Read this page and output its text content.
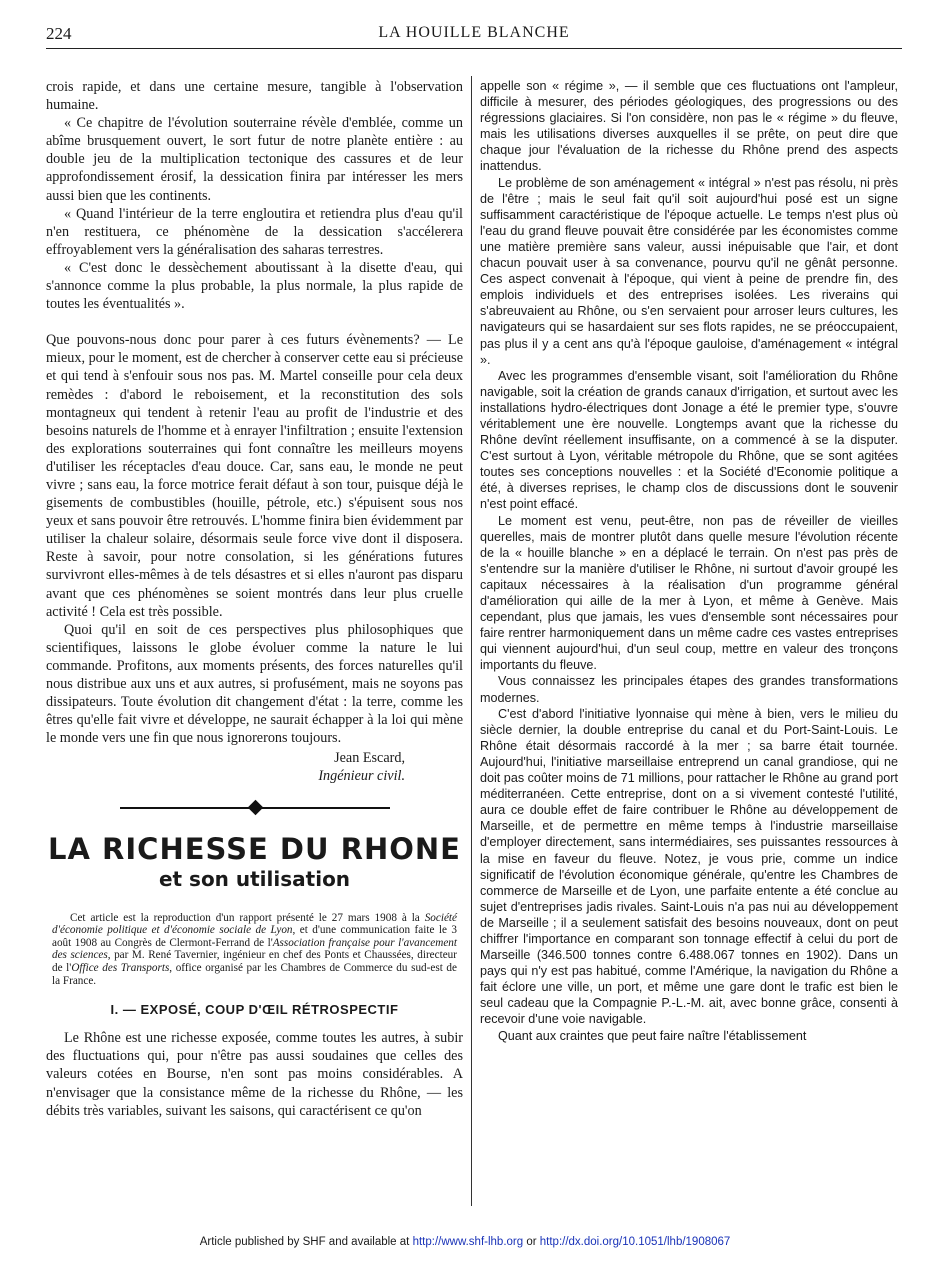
224	LA HOUILLE BLANCHE

crois rapide, et dans une certaine mesure, tangible à l'observation humaine.

« Ce chapitre de l'évolution souterraine révèle d'emblée, comme un abîme brusquement ouvert, le sort futur de notre planète entière : au double jeu de la multiplication tectonique des cassures et de leur approfondissement érosif, la dessication finira par intéresser les mers aussi bien que les continents.

« Quand l'intérieur de la terre engloutira et retiendra plus d'eau qu'il n'en restituera, ce phénomène de la dessication s'accélerera effroyablement vers la généralisation des saharas terrestres.

« C'est donc le dessèchement aboutissant à la disette d'eau, qui s'annonce comme la plus probable, la plus normale, la plus rapide de toutes les éventualités ».

Que pouvons-nous donc pour parer à ces futurs évènements? — Le mieux, pour le moment, est de chercher à conserver cette eau si précieuse et qui tend à s'enfouir sous nos pas. M. Martel conseille pour cela deux remèdes : d'abord le reboisement, et la reconstitution des sols montagneux qui tendent à retenir l'eau au profit de l'industrie et des besoins naturels de l'homme et à enrayer l'infiltration ; ensuite l'extension des explorations souterraines qui font connaître les meilleurs moyens d'utiliser les réceptacles d'eau douce. Car, sans eau, le monde ne peut vivre ; sans eau, la force motrice ferait défaut à son tour, puisque déjà le gisements de combustibles (houille, pétrole, etc.) s'épuisent sous nos yeux et sans pouvoir être retrouvés. L'homme finira bien évidemment par utiliser la chaleur solaire, désormais seule force vive dont il disposera. Reste à savoir, pour notre consolation, si les générations futures survivront elles-mêmes à de tels désastres et si elles n'auront pas disparu avant que ces phénomènes se soient montrés dans leur plus cruelle activité ! Cela est très possible.

Quoi qu'il en soit de ces perspectives plus philosophiques que scientifiques, laissons le globe évoluer comme la nature le lui commande. Profitons, aux moments présents, des forces naturelles qu'il nous distribue aux uns et aux autres, si profusément, mais ne soyons pas dissipateurs. Toute évolution dit changement d'état : la terre, comme les êtres qu'elle fait vivre et développe, ne saurait échapper à la loi qui mène le monde vers une fin que nous ignorerons toujours.

Jean Escard,
Ingénieur civil.
LA RICHESSE DU RHONE
et son utilisation

Cet article est la reproduction d'un rapport présenté le 27 mars 1908 à la Société d'économie politique et d'économie sociale de Lyon, et d'une communication faite le 3 août 1908 au Congrès de Clermont-Ferrand de l'Association française pour l'avancement des sciences, par M. René Tavernier, ingénieur en chef des Ponts et Chaussées, directeur de l'Office des Transports, office organisé par les Chambres de Commerce du sud-est de la France.

I. — EXPOSÉ, COUP D'ŒIL RÉTROSPECTIF

Le Rhône est une richesse exposée, comme toutes les autres, à subir des fluctuations qui, pour n'être pas aussi soudaines que celles des valeurs cotées en Bourse, n'en sont pas moins considérables. A n'envisager que la consistance même de la richesse du Rhône, — les débits très variables, suivant les saisons, qui caractérisent ce qu'on

appelle son « régime », — il semble que ces fluctuations ont l'ampleur, difficile à mesurer, des périodes géologiques, des progressions ou des régressions glaciaires. Si l'on considère, non pas le « régime » du fleuve, mais les utilisations diverses auxquelles il se prête, on peut dire que chaque jour l'évaluation de la richesse du Rhône prend des aspects inattendus.

Le problème de son aménagement « intégral » n'est pas résolu, ni près de l'être ; mais le seul fait qu'il soit aujourd'hui posé est un signe suffisamment caractéristique de l'époque actuelle. Le temps n'est plus où l'eau du grand fleuve pouvait être considérée par les économistes comme une matière première sans valeur, aussi inépuisable que l'air, et dont chacun pouvait user à sa convenance, pourvu qu'il ne gênât personne. Ces aspect convenait à l'époque, qui vient à peine de prendre fin, des emplois individuels et des entreprises isolées. Les riverains qui s'abreuvaient au Rhône, ou s'en servaient pour arroser leurs cultures, les navigateurs qui se hasardaient sur ses flots rapides, ne se préoccupaient, pas plus il y a cent ans qu'à l'époque gauloise, d'aménagement « intégral ».

Avec les programmes d'ensemble visant, soit l'amélioration du Rhône navigable, soit la création de grands canaux d'irrigation, et surtout avec les installations hydro-électriques dont Jonage a été le premier type, s'ouvre véritablement une ère nouvelle. Longtemps avant que la richesse du Rhône devînt réellement insuffisante, on a commencé à se la disputer. C'est surtout à Lyon, véritable métropole du Rhône, que se sont agitées toutes ses conceptions nouvelles : et la Société d'Economie politique a été, à diverses reprises, le champ clos de discussions dont le souvenir n'est point effacé.

Le moment est venu, peut-être, non pas de réveiller de vieilles querelles, mais de montrer plutôt dans quelle mesure l'évolution récente de la « houille blanche » en a déplacé le terrain. On n'est pas près de s'entendre sur la manière d'utiliser le Rhône, ni surtout d'avoir groupé les capitaux nécessaires à la réalisation d'un programme général d'amélioration qui aille de la mer à Lyon, et même à Genève. Mais cependant, plus que jamais, les vues d'ensemble sont nécessaires pour faire rentrer harmoniquement dans un même cadre ces vastes entreprises qui viennent aujourd'hui, d'un seul coup, mettre en valeur des tronçons importants du fleuve.

Vous connaissez les principales étapes des grandes transformations modernes.

C'est d'abord l'initiative lyonnaise qui mène à bien, vers le milieu du siècle dernier, la double entreprise du canal et du Port-Saint-Louis. Le Rhône était désormais raccordé à la mer ; sa barre était tournée. Aujourd'hui, l'initiative marseillaise entreprend un canal grandiose, qui ne doit pas coûter moins de 71 millions, pour rattacher le Rhône au grand port méditerranéen. Cette entreprise, dont on a si vivement contesté l'utilité, aura ce double effet de faire contribuer le Rhône au développement de Marseille, et de permettre en même temps à l'industrie marseillaise d'employer directement, sans intermédiaires, ses puissantes ressources à la mise en faveur du fleuve. Notez, je vous prie, comme un indice significatif de l'évolution économique générale, qu'entre les Chambres de commerce de Marseille et de Lyon, une parfaite entente a été conclue au sujet d'entreprises jadis rivales. Saint-Louis n'a pas nui au développement de Marseille ; il a seulement satisfait des besoins nouveaux, dont on peut chiffrer l'importance en comparant son tonnage effectif à celui du port de Marseille (346.500 tonnes contre 6.488.067 tonnes en 1902). Dans un pays qui n'y est pas habitué, comme l'Amérique, la navigation du Rhône a fait éclore une ville, un port, et même une gare dont le trafic est bien le seul cadeau que la Compagnie P.-L.-M. ait, avec bonne grâce, consenti à recevoir d'une voie navigable.

Quant aux craintes que peut faire naître l'établissement

Article published by SHF and available at http://www.shf-lhb.org or http://dx.doi.org/10.1051/lhb/1908067
